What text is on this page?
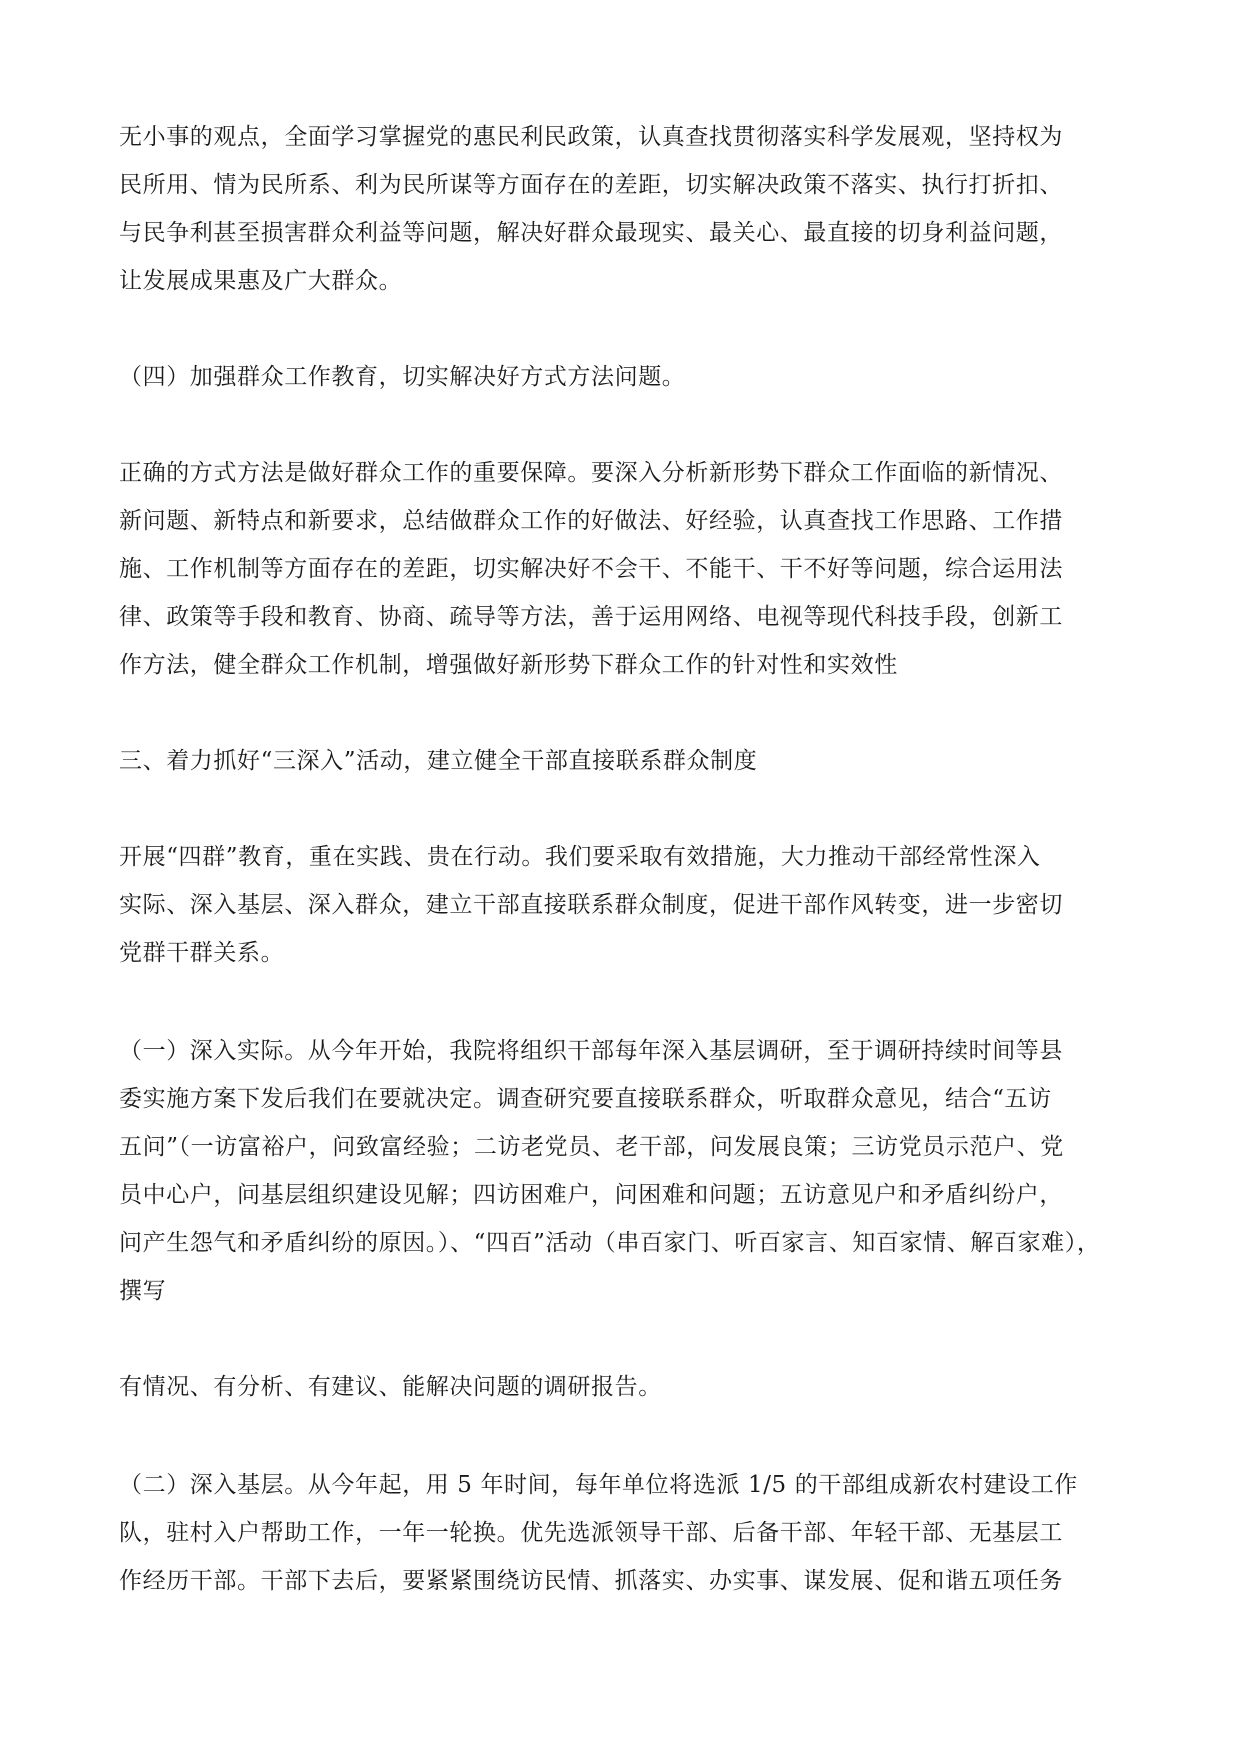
无小事的观点，全面学习掌握党的惠民利民政策，认真查找贯彻落实科学发展观，坚持权为
民所用、情为民所系、利为民所谋等方面存在的差距，切实解决政策不落实、执行打折扣、
与民争利甚至损害群众利益等问题，解决好群众最现实、最关心、最直接的切身利益问题，
让发展成果惠及广大群众。
（四）加强群众工作教育，切实解决好方式方法问题。
正确的方式方法是做好群众工作的重要保障。要深入分析新形势下群众工作面临的新情况、
新问题、新特点和新要求，总结做群众工作的好做法、好经验，认真查找工作思路、工作措
施、工作机制等方面存在的差距，切实解决好不会干、不能干、干不好等问题，综合运用法
律、政策等手段和教育、协商、疏导等方法，善于运用网络、电视等现代科技手段，创新工
作方法，健全群众工作机制，增强做好新形势下群众工作的针对性和实效性
三、着力抓好“三深入”活动，建立健全干部直接联系群众制度
开展“四群”教育，重在实践、贵在行动。我们要采取有效措施，大力推动干部经常性深入
实际、深入基层、深入群众，建立干部直接联系群众制度，促进干部作风转变，进一步密切
党群干群关系。
（一）深入实际。从今年开始，我院将组织干部每年深入基层调研，至于调研持续时间等县
委实施方案下发后我们在要就决定。调查研究要直接联系群众，听取群众意见，结合“五访
五问”（一访富裕户，问致富经验；二访老党员、老干部，问发展良策；三访党员示范户、党
员中心户，问基层组织建设见解；四访困难户，问困难和问题；五访意见户和矛盾纠纷户，
问产生怨气和矛盾纠纷的原因。）、“四百”活动（串百家门、听百家言、知百家情、解百家难），
撰写
有情况、有分析、有建议、能解决问题的调研报告。
（二）深入基层。从今年起，用 5 年时间，每年单位将选派 1/5 的干部组成新农村建设工作
队，驻村入户帮助工作，一年一轮换。优先选派领导干部、后备干部、年轻干部、无基层工
作经历干部。干部下去后，要紧紧围绕访民情、抓落实、办实事、谋发展、促和谐五项任务
